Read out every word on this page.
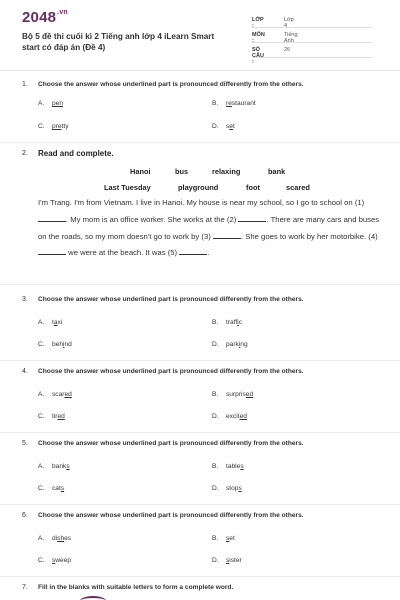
$2048^{.vn}$
Bộ 5 đề thi cuối kì 2 Tiếng anh lớp 4 iLearn Smart start có đáp án (Đề 4)
LỚP :
Lớp 4
MÔN :
Tiếng Anh
SỐ CÂU :
26
1. Choose the answer whose underlined part is pronounced differently from the others.
A. pen	B. restaurant
C. pretty	D. set
2. Read and complete.
Hanoi	bus	relaxing	bank
Last Tuesday	playground	foot	scared
I'm Trang. I'm from Vietnam. I live in Hanoi. My house is near my school, so I go to school on (1) . My mom is an office worker. She works at the (2)	. There are many cars and buses on the roads, so my mom doesn't go to work by (3)	. She goes to work by her motorbike. (4)  we were at the beach. It was (5)	.
3. Choose the answer whose underlined part is pronounced differently from the others.
A. taxi	B. traffic
C. behind	D. parking
4. Choose the answer whose underlined part is pronounced differently from the others.
A. scared	B. surprised
C. tired	D. excited
5. Choose the answer whose underlined part is pronounced differently from the others.
A. banks	B. tables
C. cats	D. stops
6. Choose the answer whose underlined part is pronounced differently from the others.
A. dishes	B. set
C. sweep	D. sister
7. Fill in the blanks with suitable letters to form a complete word.
